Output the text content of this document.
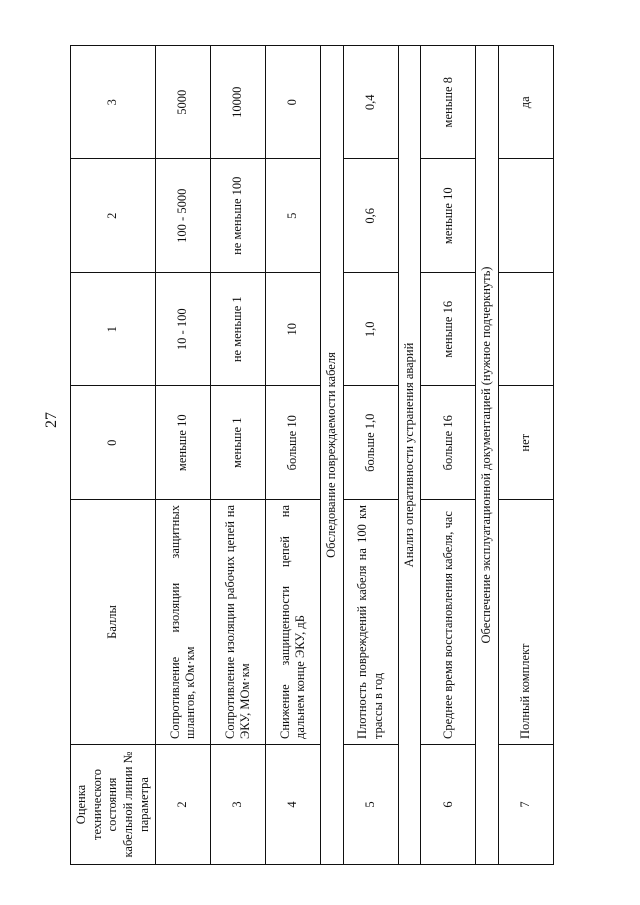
27
Оценка технического состояния кабельной линии № параметра	Баллы	0	1	2	3
2	Сопротивление изоляции защитных шлангов, кОм·км	меньше 10	10 - 100	100 - 5000	5000
3	Сопротивление изоляции рабочих цепей на ЭКУ, МОм·км	меньше 1	не меньше 1	не меньше 100	10000
4	Снижение защищенности цепей на дальнем конце ЭКУ, дБ	больше 10	10	5	0
Обследование повреждаемости кабеля					
5	Плотность повреждений кабеля на 100 км трассы в год	больше 1,0	1,0	0,6	0,4
Анализ оперативности устранения аварий					
6	Среднее время восстановления кабеля, час	больше 16	меньше 16	меньше 10	меньше 8
Обеспечение эксплуатационной документацией (нужное подчеркнуть)					
7	Полный комплект	нет			да
